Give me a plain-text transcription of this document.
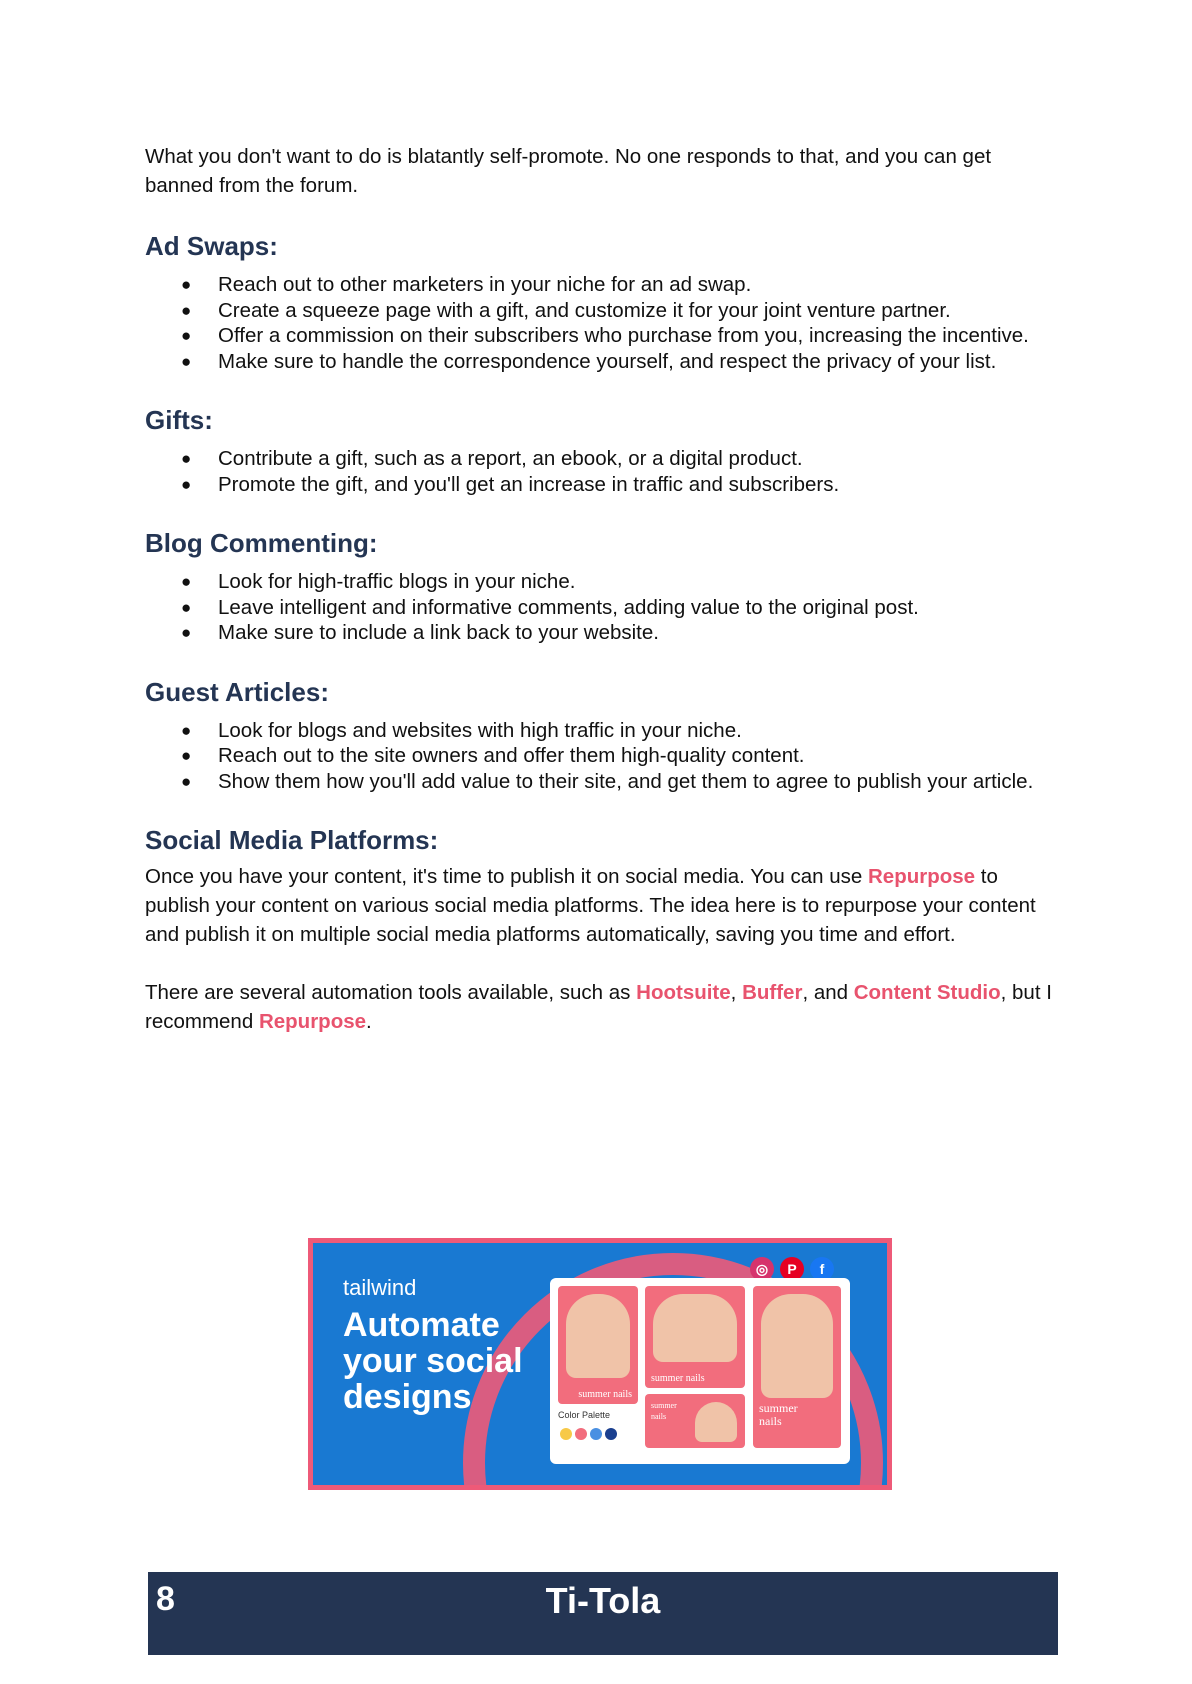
What you don't want to do is blatantly self-promote. No one responds to that, and you can get banned from the forum.

Ad Swaps:
● Reach out to other marketers in your niche for an ad swap.
● Create a squeeze page with a gift, and customize it for your joint venture partner.
● Offer a commission on their subscribers who purchase from you, increasing the incentive.
● Make sure to handle the correspondence yourself, and respect the privacy of your list.
Gifts:
● Contribute a gift, such as a report, an ebook, or a digital product.
● Promote the gift, and you'll get an increase in traffic and subscribers.
Blog Commenting:
● Look for high-traffic blogs in your niche.
● Leave intelligent and informative comments, adding value to the original post.
● Make sure to include a link back to your website.
Guest Articles:
● Look for blogs and websites with high traffic in your niche.
● Reach out to the site owners and offer them high-quality content.
● Show them how you'll add value to their site, and get them to agree to publish your article.
Social Media Platforms:

Once you have your content, it's time to publish it on social media. You can use Repurpose to publish your content on various social media platforms. The idea here is to repurpose your content and publish it on multiple social media platforms automatically, saving you time and effort.

There are several automation tools available, such as Hootsuite, Buffer, and Content Studio, but I recommend Repurpose.

tailwind
Automate your social designs
◎	P	f
summer nails
summer nails
summer nails
summer nails
Color Palette
8	Ti-Tola
